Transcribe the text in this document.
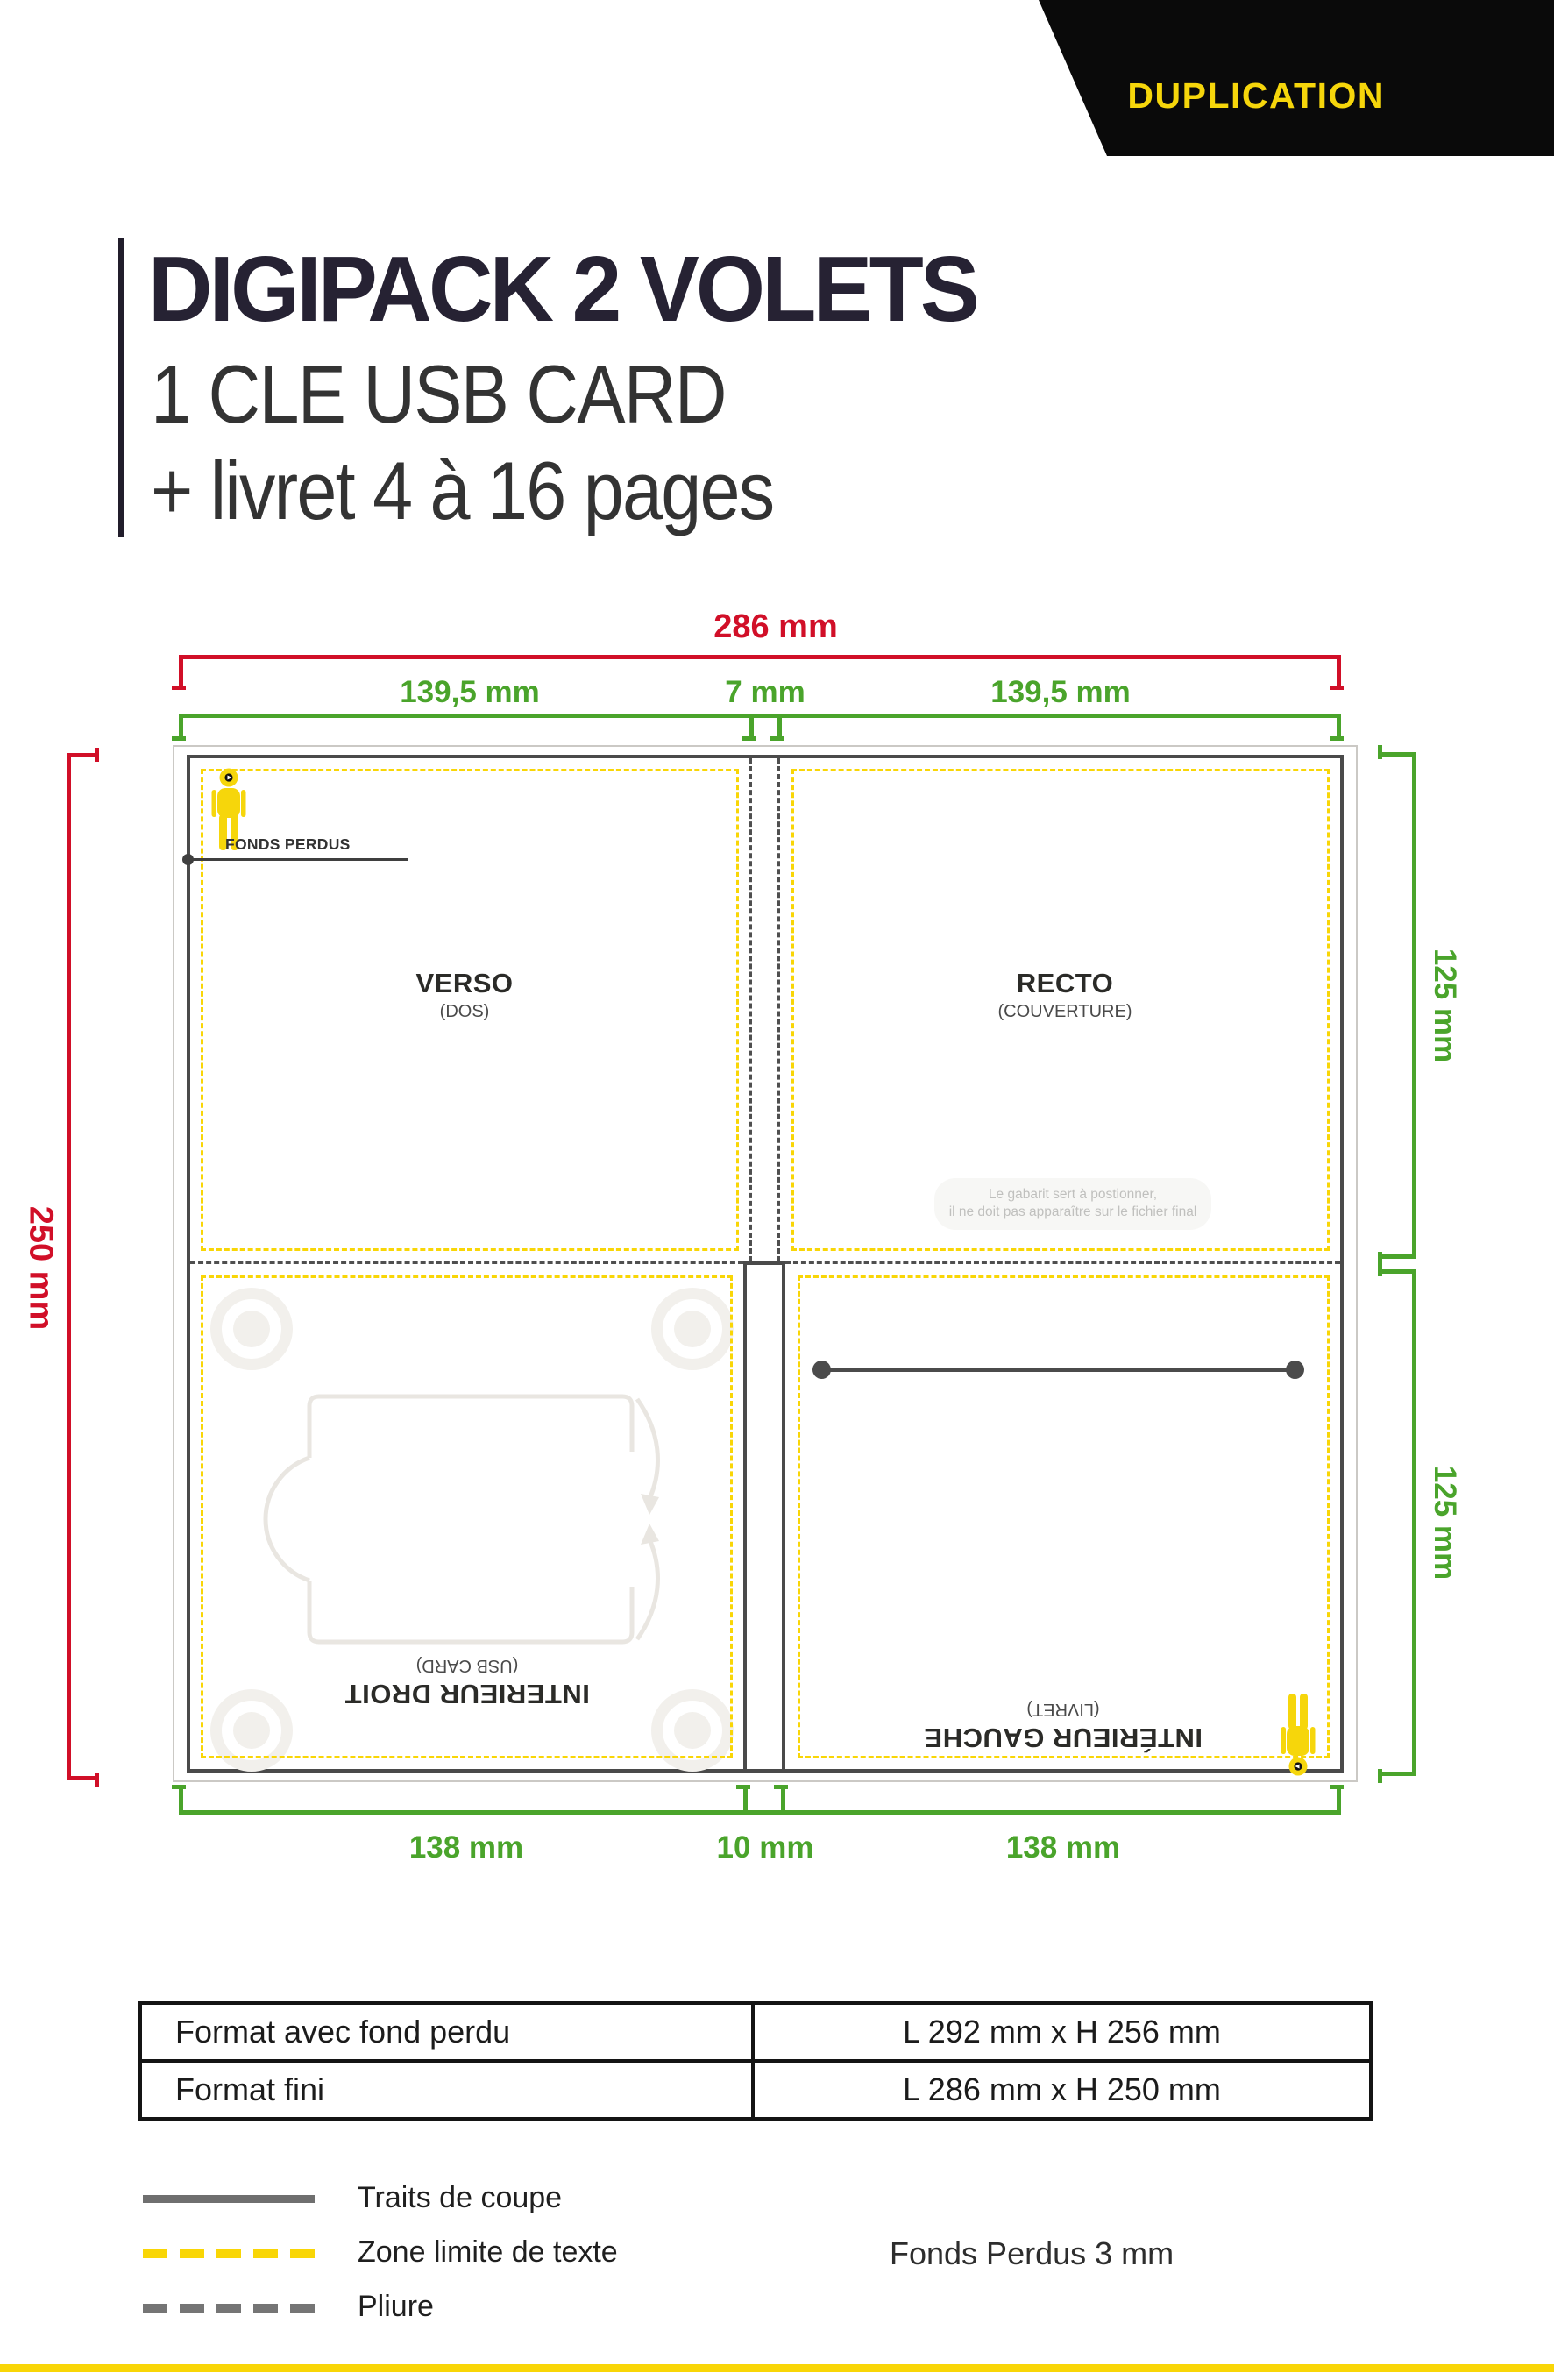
DUPLICATION
DIGIPACK 2 VOLETS
1 CLE USB CARD
+ livret 4 à 16 pages
FONDS PERDUS
VERSO
(DOS)
RECTO
(COUVERTURE)
INTERIEUR DROIT
(USB CARD)
INTÉRIEUR GAUCHE
(LIVRET)
Le gabarit sert à postionner,
il ne doit pas apparaître sur le fichier final
286 mm
139,5 mm	7 mm	139,5 mm
250 mm
125 mm
125 mm
138 mm	10 mm	138 mm
Format avec fond perdu	L 292 mm x H 256 mm
Format fini	L 286 mm x H 250 mm
Traits de coupe
Zone limite de texte
Pliure
Fonds Perdus 3 mm
